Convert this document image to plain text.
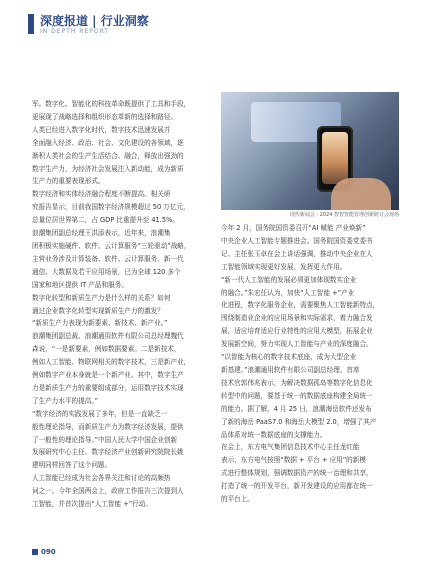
深度报道 | 行业洞察
IN DEPTH REPORT

军。数字化、智能化的科技革命既提供了工具和手段，

更展现了战略选择和组织形态革新的选择和路径。

人类已经进入数字化时代，数字技术迅速发展并

全面融入经济、政治、社会、文化建设的各领域，逐

渐积人类社会的生产生活结合、融合，释放出强劲的

数字生产力，为经济社会发展注入新动能，成为新质

生产力的重要表现形式。

数字经济和实体经济融合程度不断提高。相关研

究报告显示，目前我国数字经济规模超过 50 万亿元，

总量位居世界第二，占 GDP 比重提升至 41.5%。

浪潮集团副总经理王洪添表示，近年来，浪潮集

团积极实施硬件、软件、云计算服务“三轮驱动”战略，

主营业务涉及计算装备、软件、云计算服务、新一代

通信、大数据及若干应用场景，已为全球 120 多个

国家和地区提供 IT 产品和服务。

数字化转型和新质生产力是什么样的关系？如何

通过企业数字化转型实现新质生产力的激发？

“新质生产力表现为新要素、新技术、新产业。”

浪潮集团副总裁、浪潮通用软件有限公司总经理魏代

森说，“一是新要素，例如数据要素。二是新技术，

例如人工智能、物联网相关的数字技术，三是新产业，

例如数字产业本身就是一个新产业。其中，数字生产

力是新质生产力的重要组成部分，运用数字技术实现

了生产力水平的提高。”

“数字经济的实践发展了多年，但是一直缺乏一

般性理论指导，而新质生产力为数字经济发展，提供

了一般性的理论指导。”中国人民大学中国企业创新

发展研究中心主任、数字经济产业创新研究院院长姚

建明同样回答了这个问题。

人工智能已经成为社会各界关注和讨论的高频热

词之一。今年全国两会上，政府工作报告三次提到人

工智能，并首次提出“人工智能 +”行动。

现代新闻会 · 2024 智智智能管理创新研讨会现场

今年 2 月，国务院国资委召开“AI 赋能 产业焕新”

中央企业人工智能专题推进会。国务院国资委党委书

记、主任张玉卓在会上讲话强调，推动中央企业在人

工智能领域实现更好发展、发挥更大作用。

“新一代人工智能的发展必须更加体现数实企业

的融合。”朱宏任认为，加快“人工智能 +”产业

化进程，数字化服务企业，需要聚焦人工智能新特点，

围绕制造业企业的应用场景和实际需求，着力融合发

展，适应培育适应行业特性的应用大模型，拓展企业

发展新空间，努力实现人工智能与产业的深度融合。

“以智能为核心的数字技术底座，成为大型企业

新基建。”浪潮通用软件有限公司副总经理、首席

技术官郭伟兆表示，为解决数据孤岛等数字化信息化

转型中的问题，要基于统一的数据底座构建全局统一

的能力。据了解，4 月 25 日，浪潮海岳软件还发布

了新的海岳 PaaS7.0 和海岳大模型 2.0，增强了其产

品体系对统一数据底座的支撑能力。

在会上，东方电气集团信息技术中心主任龙红能

表示，东方电气按照“数据 + 平台 + 应用”的新模

式进行整体规划，强调数据资产的统一治理和共享，

打造了统一的开发平台，新开发建设的应用都在统一

的平台上。

090
